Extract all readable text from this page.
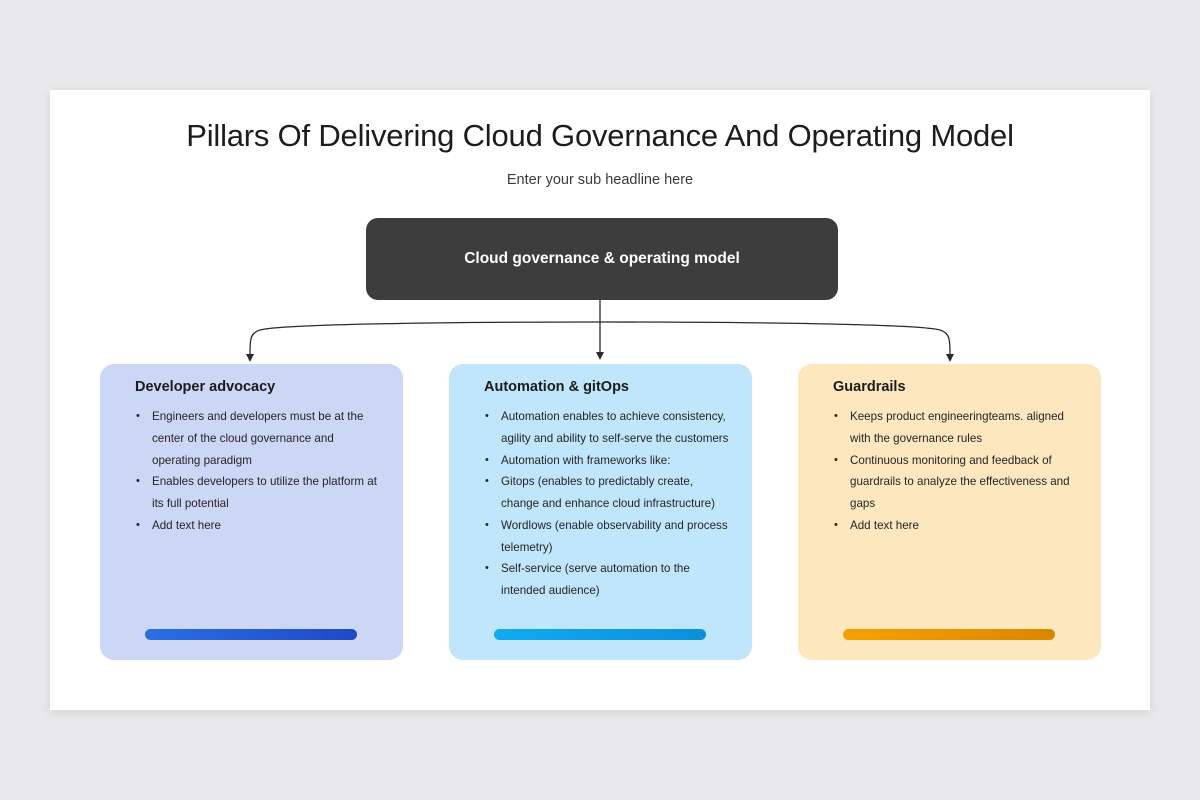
Pillars Of Delivering Cloud Governance And Operating Model
Enter your sub headline here
Cloud governance & operating model
Developer advocacy
• Engineers and developers must be at the center of the cloud governance and operating paradigm
• Enables developers to utilize the platform at its full potential
• Add text here
Automation & gitOps
• Automation enables to achieve consistency, agility and ability to self-serve the customers
• Automation with frameworks like:
• Gitops (enables to predictably create, change and enhance cloud infrastructure)
• Wordlows (enable observability and process telemetry)
• Self-service (serve automation to the intended audience)
Guardrails
• Keeps product engineeringteams. aligned with the governance rules
• Continuous monitoring and feedback of guardrails to analyze the effectiveness and gaps
• Add text here
